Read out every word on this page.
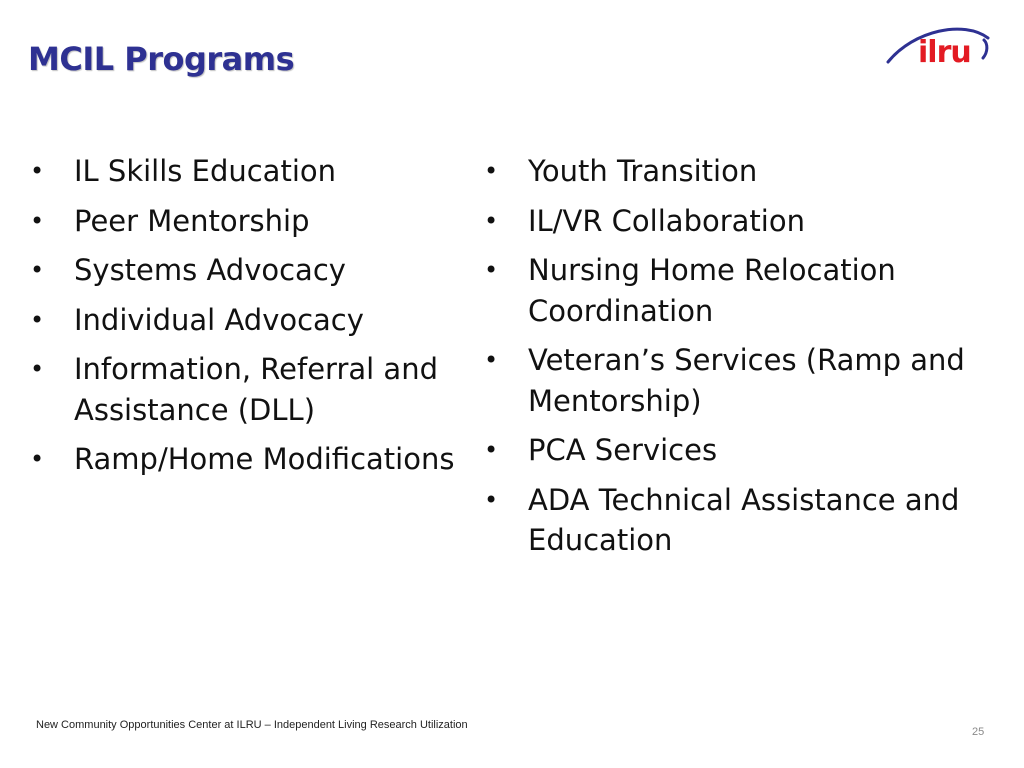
MCIL Programs	ilru
• IL Skills Education
• Peer Mentorship
• Systems Advocacy
• Individual Advocacy
• Information, Referral and Assistance (DLL)
• Ramp/Home Modifications
• Youth Transition
• IL/VR Collaboration
• Nursing Home Relocation Coordination
• Veteran’s Services (Ramp and Mentorship)
• PCA Services
• ADA Technical Assistance and Education
New Community Opportunities Center at ILRU – Independent Living Research Utilization
25
